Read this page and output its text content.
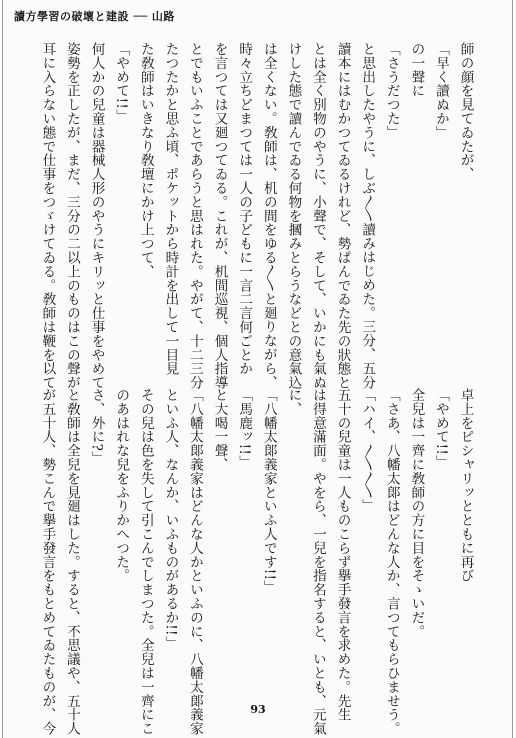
讀方學習の破壞と建設 ── 山路
師の顔を見てゐたが、
「早く讀ぬか」
の一聲に
「さうだつた」
と思出したやうに、しぶ〳〵讀みはじめた。三分、五分
讀本にはむかつてゐるけれど、勢ぱんでゐた先の狀態と
とは全く別物のやうに、小聲で、そして、いかにも氣ぬ
けした態で讀んでゐる何物を摑みとらうなどとの意氣込
は全くない。敎師は、机の間をゆる〳〵と廻りながら、
時々立ちどまつては一人の子どもに一言二言何ごとか
を言つては又廻つてゐる。これが、机間巡視、個人指導
とでもいふことであらうと思はれた。やがて、十二三分
たつたかと思ふ頃、ポケットから時計を出して一目見
た敎師はいきなり敎壇にかけ上つて、
「やめて!!」
何人かの兒童は器械人形のやうにキリッと仕事をやめて
姿勢を正したが、まだ、三分の二以上のものはこの聲が
耳に入らない態で仕事をつゞけてゐる。敎師は鞭を以て
卓上をピシャリッとともに再び
「やめて!!」
全兒は一齊に敎師の方に目をそゝいだ。
「さあ、八幡太郞はどんな人か、言つてもらひませう。
「ハイ、〳〵〳〵」
五十の兒童は一人ものこらず擧手發言を求めた。先生
は得意滿面。やをら、一兒を指名すると、いとも、元氣
に、
「八幡太郞義家といふ人です!!」
「馬鹿ッ!!」
と大喝一聲、
「八幡太郞義家はどんな人かといふのに、八幡太郞義家
といふ人、なんか、いふものがあるか!!」
その兒は色を失して引こんでしまつた。全兒は一齊にこ
のあはれな兒をふりかへつた。
さ、外に?」
と敎師は全兒を見廻はした。すると、不思議や、五十人
が五十人、勢こんで擧手發言をもとめてゐたものが、今	93
